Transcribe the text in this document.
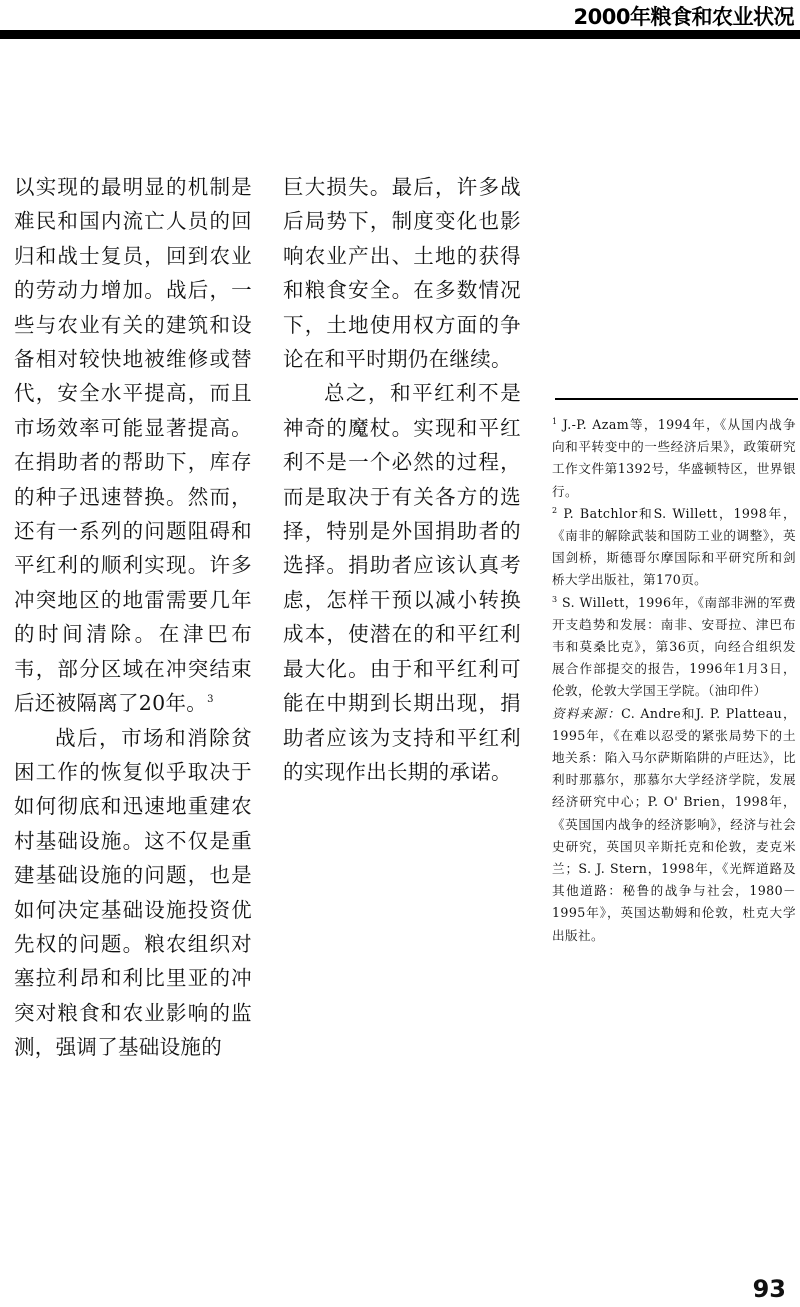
2000年粮食和农业状况

以实现的最明显的机制是难民和国内流亡人员的回归和战士复员，回到农业的劳动力增加。战后，一些与农业有关的建筑和设备相对较快地被维修或替代，安全水平提高，而且市场效率可能显著提高。在捐助者的帮助下，库存的种子迅速替换。然而，还有一系列的问题阻碍和平红利的顺利实现。许多冲突地区的地雷需要几年的时间清除。在津巴布韦，部分区域在冲突结束后还被隔离了20年。$^3$

战后，市场和消除贫困工作的恢复似乎取决于如何彻底和迅速地重建农村基础设施。这不仅是重建基础设施的问题，也是如何决定基础设施投资优先权的问题。粮农组织对塞拉利昂和利比里亚的冲突对粮食和农业影响的监测，强调了基础设施的

巨大损失。最后，许多战后局势下，制度变化也影响农业产出、土地的获得和粮食安全。在多数情况下，土地使用权方面的争论在和平时期仍在继续。

总之，和平红利不是神奇的魔杖。实现和平红利不是一个必然的过程，而是取决于有关各方的选择，特别是外国捐助者的选择。捐助者应该认真考虑，怎样干预以减小转换成本，使潜在的和平红利最大化。由于和平红利可能在中期到长期出现，捐助者应该为支持和平红利的实现作出长期的承诺。

$^1$ J.-P. Azam等，1994年，《从国内战争向和平转变中的一些经济后果》，政策研究工作文件第1392号，华盛顿特区，世界银行。

$^2$ P. Batchlor和S. Willett，1998年，《南非的解除武装和国防工业的调整》，英国剑桥，斯德哥尔摩国际和平研究所和剑桥大学出版社，第170页。

$^3$ S. Willett，1996年，《南部非洲的军费开支趋势和发展：南非、安哥拉、津巴布韦和莫桑比克》，第36页，向经合组织发展合作部提交的报告，1996年1月3日，伦敦，伦敦大学国王学院。（油印件）

资料来源：C. Andre和J. P. Platteau，1995年，《在难以忍受的紧张局势下的土地关系：陷入马尔萨斯陷阱的卢旺达》，比利时那慕尔，那慕尔大学经济学院，发展经济研究中心；P. O' Brien，1998年，《英国国内战争的经济影响》，经济与社会史研究，英国贝辛斯托克和伦敦，麦克米兰；S. J. Stern，1998年，《光辉道路及其他道路：秘鲁的战争与社会，1980－1995年》，英国达勒姆和伦敦，杜克大学出版社。

93
